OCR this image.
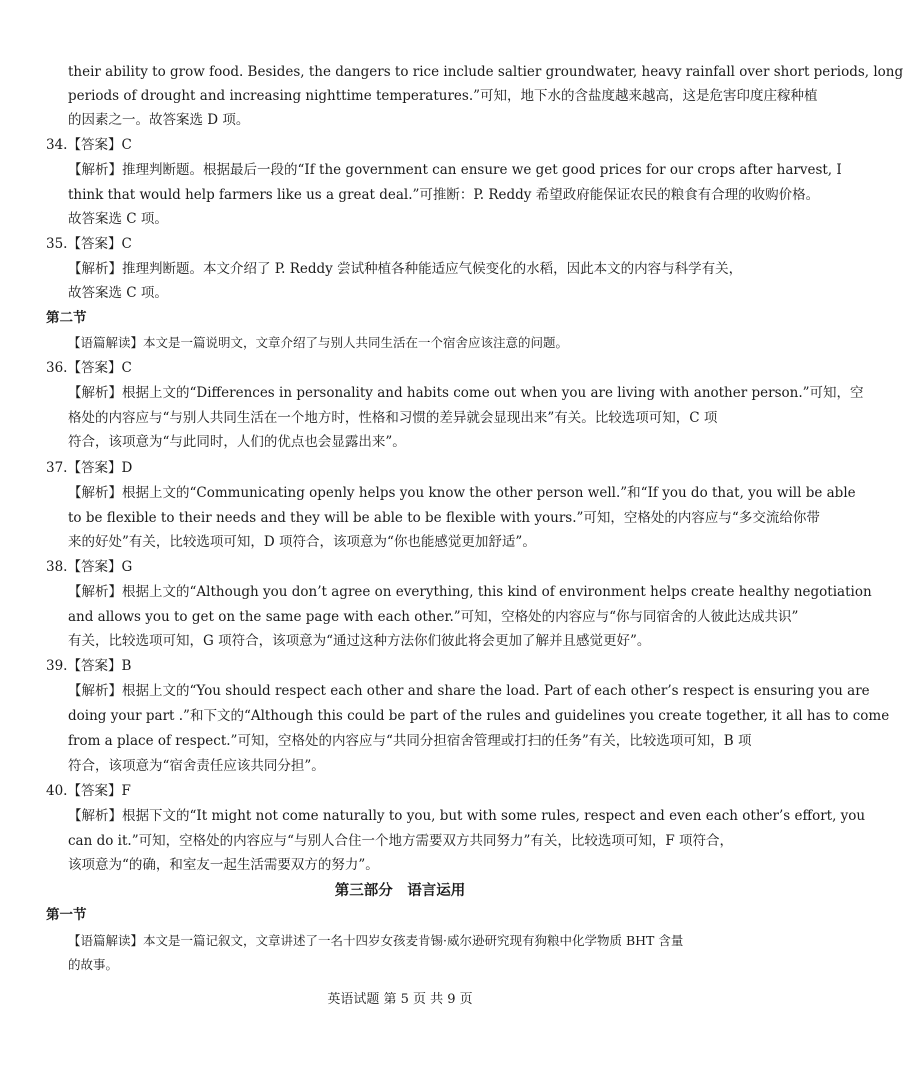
their ability to grow food. Besides, the dangers to rice include saltier groundwater, heavy rainfall over short periods, long
periods of drought and increasing nighttime temperatures.”可知，地下水的含盐度越来越高，这是危害印度庄稼种植
的因素之一。故答案选 D 项。
34.【答案】C
【解析】推理判断题。根据最后一段的“If the government can ensure we get good prices for our crops after harvest, I
think that would help farmers like us a great deal.”可推断：P. Reddy 希望政府能保证农民的粮食有合理的收购价格。
故答案选 C 项。
35.【答案】C
【解析】推理判断题。本文介绍了 P. Reddy 尝试种植各种能适应气候变化的水稻，因此本文的内容与科学有关，
故答案选 C 项。
第二节
【语篇解读】本文是一篇说明文，文章介绍了与别人共同生活在一个宿舍应该注意的问题。
36.【答案】C
【解析】根据上文的“Differences in personality and habits come out when you are living with another person.”可知，空
格处的内容应与“与别人共同生活在一个地方时，性格和习惯的差异就会显现出来”有关。比较选项可知，C 项
符合，该项意为“与此同时，人们的优点也会显露出来”。
37.【答案】D
【解析】根据上文的“Communicating openly helps you know the other person well.”和“If you do that, you will be able
to be flexible to their needs and they will be able to be flexible with yours.”可知，空格处的内容应与“多交流给你带
来的好处”有关，比较选项可知，D 项符合，该项意为“你也能感觉更加舒适”。
38.【答案】G
【解析】根据上文的“Although you don’t agree on everything, this kind of environment helps create healthy negotiation
and allows you to get on the same page with each other.”可知，空格处的内容应与“你与同宿舍的人彼此达成共识”
有关，比较选项可知，G 项符合，该项意为“通过这种方法你们彼此将会更加了解并且感觉更好”。
39.【答案】B
【解析】根据上文的“You should respect each other and share the load. Part of each other’s respect is ensuring you are
doing your part .”和下文的“Although this could be part of the rules and guidelines you create together, it all has to come
from a place of respect.”可知，空格处的内容应与“共同分担宿舍管理或打扫的任务”有关，比较选项可知，B 项
符合，该项意为“宿舍责任应该共同分担”。
40.【答案】F
【解析】根据下文的“It might not come naturally to you, but with some rules, respect and even each other’s effort, you
can do it.”可知，空格处的内容应与“与别人合住一个地方需要双方共同努力”有关，比较选项可知，F 项符合，
该项意为“的确，和室友一起生活需要双方的努力”。
第三部分　语言运用
第一节
【语篇解读】本文是一篇记叙文，文章讲述了一名十四岁女孩麦肯锡·威尔逊研究现有狗粮中化学物质 BHT 含量
的故事。
英语试题 第 5 页 共 9 页
